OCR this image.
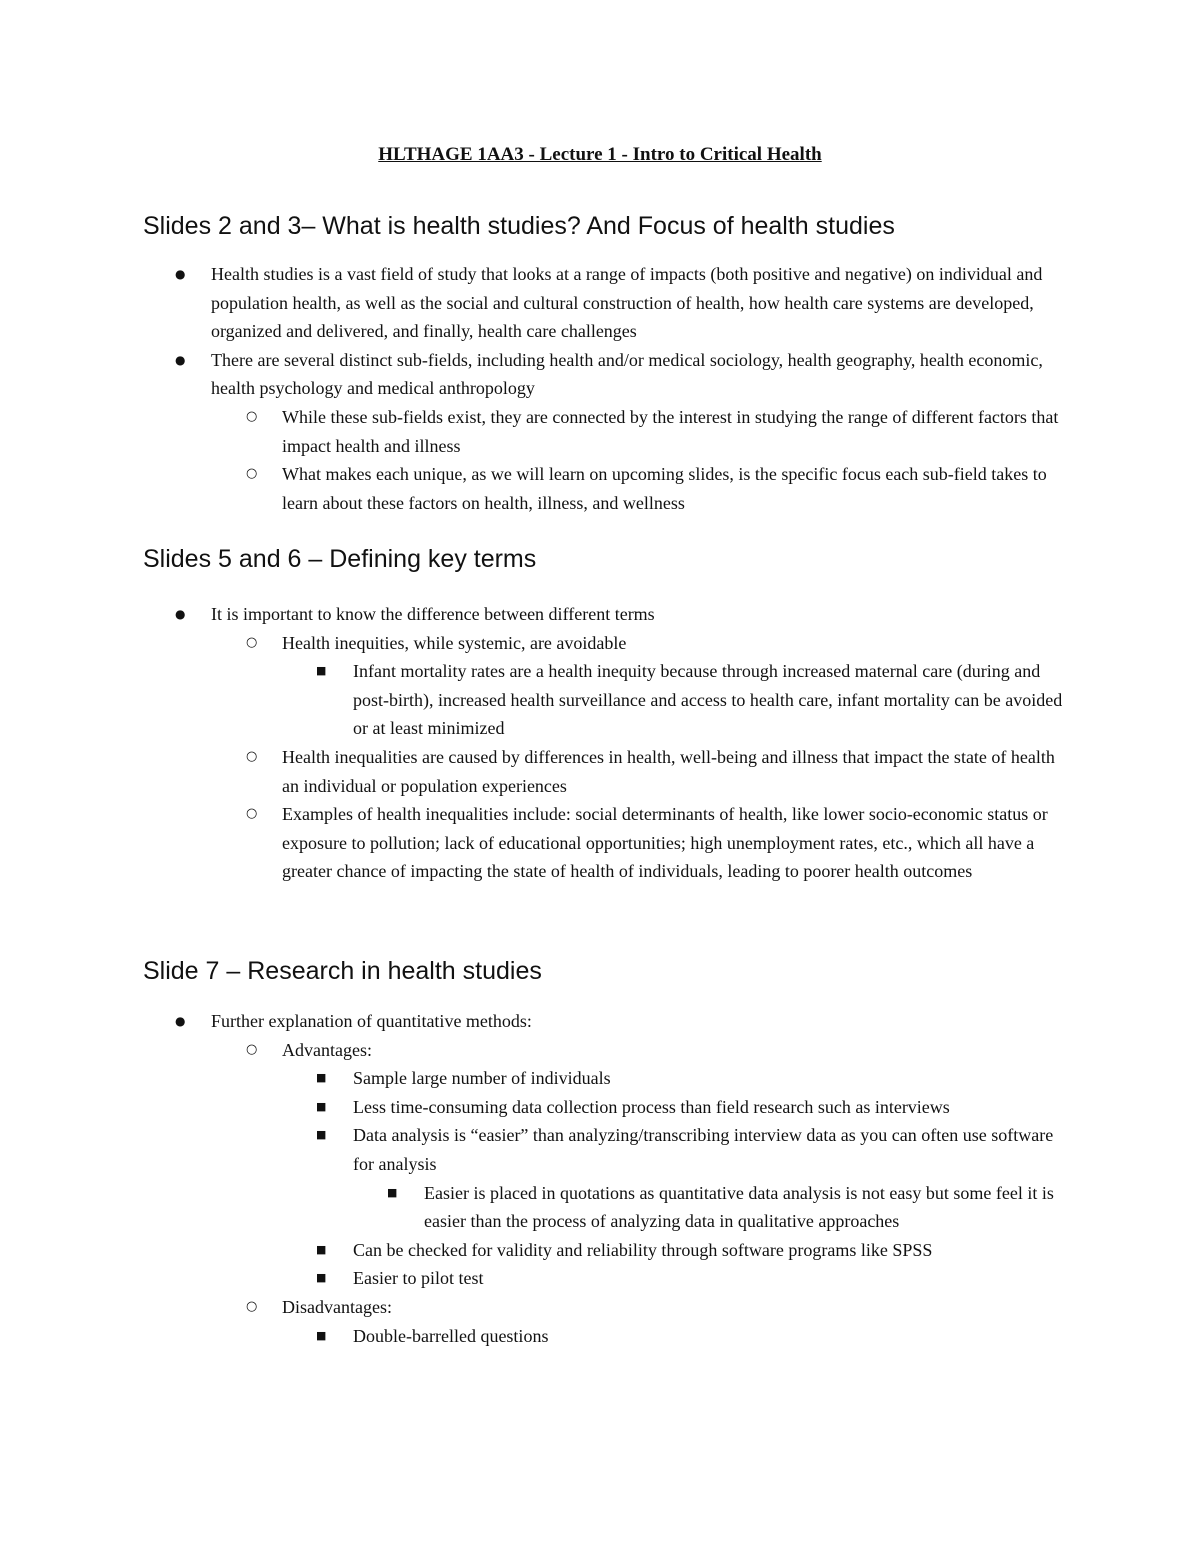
HLTHAGE 1AA3 - Lecture 1 - Intro to Critical Health
Slides 2 and 3– What is health studies? And Focus of health studies
● Health studies is a vast field of study that looks at a range of impacts (both positive and negative) on individual and population health, as well as the social and cultural construction of health, how health care systems are developed, organized and delivered, and finally, health care challenges
● There are several distinct sub-fields, including health and/or medical sociology, health geography, health economic, health psychology and medical anthropology
○ While these sub-fields exist, they are connected by the interest in studying the range of different factors that impact health and illness
○ What makes each unique, as we will learn on upcoming slides, is the specific focus each sub-field takes to learn about these factors on health, illness, and wellness
Slides 5 and 6 – Defining key terms
● It is important to know the difference between different terms
○ Health inequities, while systemic, are avoidable
■ Infant mortality rates are a health inequity because through increased maternal care (during and post-birth), increased health surveillance and access to health care, infant mortality can be avoided or at least minimized
○ Health inequalities are caused by differences in health, well-being and illness that impact the state of health an individual or population experiences
○ Examples of health inequalities include: social determinants of health, like lower socio-economic status or exposure to pollution; lack of educational opportunities; high unemployment rates, etc., which all have a greater chance of impacting the state of health of individuals, leading to poorer health outcomes
Slide 7 – Research in health studies
● Further explanation of quantitative methods:
○ Advantages:
■ Sample large number of individuals
■ Less time-consuming data collection process than field research such as interviews
■ Data analysis is “easier” than analyzing/transcribing interview data as you can often use software for analysis
■ Easier is placed in quotations as quantitative data analysis is not easy but some feel it is easier than the process of analyzing data in qualitative approaches
■ Can be checked for validity and reliability through software programs like SPSS
■ Easier to pilot test
○ Disadvantages:
■ Double-barrelled questions
